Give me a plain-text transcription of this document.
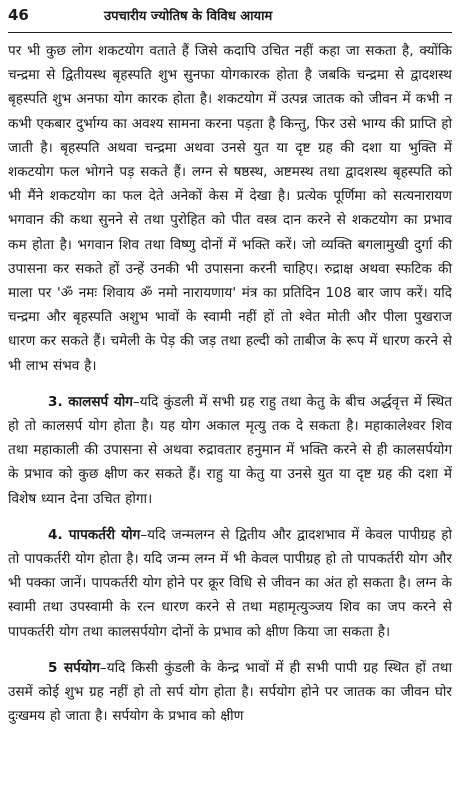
46	उपचारीय ज्योतिष के विविध आयाम

पर भी कुछ लोग शकटयोग वताते हैं जिसे कदापि उचित नहीं कहा जा सकता है, क्योंकि चन्द्रमा से द्वितीयस्थ बृहस्पति शुभ सुनफा योगकारक होता है जबकि चन्द्रमा से द्वादशस्थ बृहस्पति शुभ अनफा योग कारक होता है। शकटयोग में उत्पन्न जातक को जीवन में कभी न कभी एकबार दुर्भाग्य का अवश्य सामना करना पड़ता है किन्तु, फिर उसे भाग्य की प्राप्ति हो जाती है। बृहस्पति अथवा चन्द्रमा अथवा उनसे युत या दृष्ट ग्रह की दशा या भुक्ति में शकटयोग फल भोगने पड़ सकते हैं। लग्न से षष्ठस्थ, अष्टमस्थ तथा द्वादशस्थ बृहस्पति को भी मैंने शकटयोग का फल देते अनेकों केस में देखा है। प्रत्येक पूर्णिमा को सत्यनारायण भगवान की कथा सुनने से तथा पुरोहित को पीत वस्त्र दान करने से शकटयोग का प्रभाव कम होता है। भगवान शिव तथा विष्णु दोनों में भक्ति करें। जो व्यक्ति बगलामुखी दुर्गा की उपासना कर सकते हों उन्हें उनकी भी उपासना करनी चाहिए। रुद्राक्ष अथवा स्फटिक की माला पर 'ॐ नमः शिवाय ॐ नमो नारायणाय' मंत्र का प्रतिदिन 108 बार जाप करें। यदि चन्द्रमा और बृहस्पति अशुभ भावों के स्वामी नहीं हों तो श्वेत मोती और पीला पुखराज धारण कर सकते हैं। चमेली के पेड़ की जड़ तथा हल्दी को ताबीज के रूप में धारण करने से भी लाभ संभव है।

3. कालसर्प योग–यदि कुंडली में सभी ग्रह राहु तथा केतु के बीच अर्द्धवृत्त में स्थित हो तो कालसर्प योग होता है। यह योग अकाल मृत्यु तक दे सकता है। महाकालेश्वर शिव तथा महाकाली की उपासना से अथवा रुद्रावतार हनुमान में भक्ति करने से ही कालसर्पयोग के प्रभाव को कुछ क्षीण कर सकते हैं। राहु या केतु या उनसे युत या दृष्ट ग्रह की दशा में विशेष ध्यान देना उचित होगा।

4. पापकर्तरी योग–यदि जन्मलग्न से द्वितीय और द्वादशभाव में केवल पापीग्रह हो तो पापकर्तरी योग होता है। यदि जन्म लग्न में भी केवल पापीग्रह हो तो पापकर्तरी योग और भी पक्का जानें। पापकर्तरी योग होने पर क्रूर विधि से जीवन का अंत हो सकता है। लग्न के स्वामी तथा उपस्वामी के रत्न धारण करने से तथा महामृत्युञ्जय शिव का जप करने से पापकर्तरी योग तथा कालसर्पयोग दोनों के प्रभाव को क्षीण किया जा सकता है।

5 सर्पयोग–यदि किसी कुंडली के केन्द्र भावों में ही सभी पापी ग्रह स्थित हों तथा उसमें कोई शुभ ग्रह नहीं हो तो सर्प योग होता है। सर्पयोग होने पर जातक का जीवन घोर दुःखमय हो जाता है। सर्पयोग के प्रभाव को क्षीण
